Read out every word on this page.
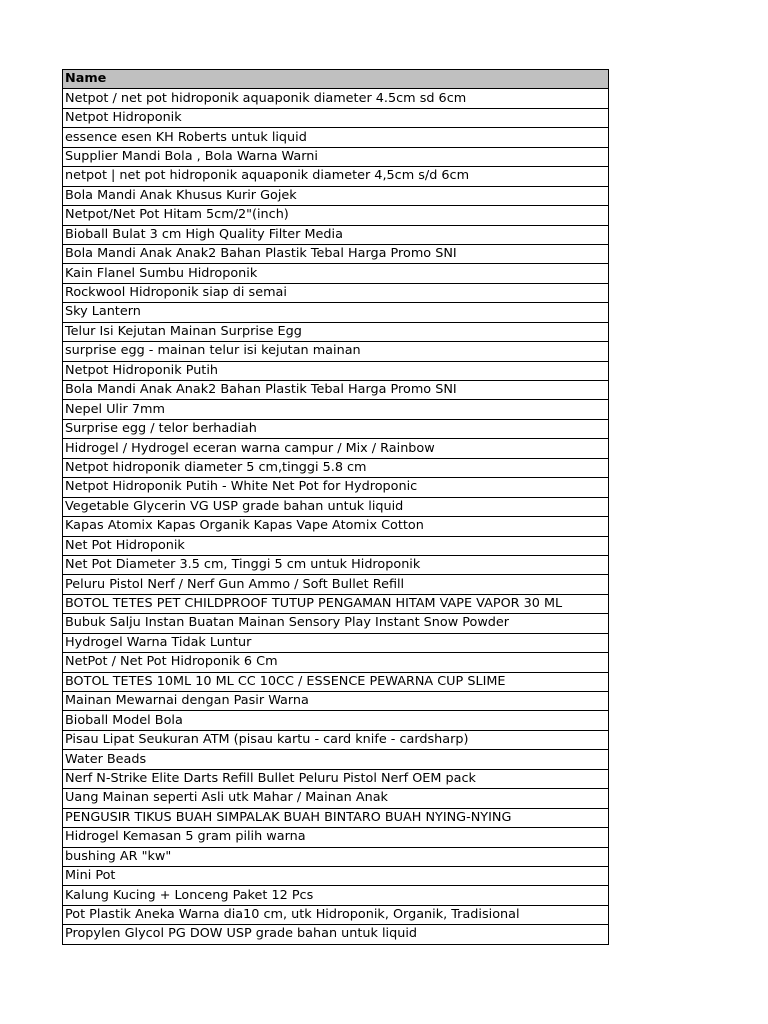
Name
Netpot / net pot hidroponik aquaponik diameter 4.5cm sd 6cm
Netpot Hidroponik
essence esen KH Roberts untuk liquid
Supplier Mandi Bola , Bola Warna Warni
netpot | net pot hidroponik aquaponik diameter 4,5cm s/d 6cm
Bola Mandi Anak Khusus Kurir Gojek
Netpot/Net Pot Hitam 5cm/2"(inch)
Bioball Bulat 3 cm High Quality Filter Media
Bola Mandi Anak Anak2 Bahan Plastik Tebal Harga Promo SNI
Kain Flanel Sumbu Hidroponik
Rockwool Hidroponik siap di semai
Sky Lantern
Telur Isi Kejutan Mainan Surprise Egg
surprise egg - mainan telur isi kejutan mainan
Netpot Hidroponik Putih
Bola Mandi Anak Anak2 Bahan Plastik Tebal Harga Promo SNI
Nepel Ulir 7mm
Surprise egg / telor berhadiah
Hidrogel / Hydrogel eceran warna campur / Mix / Rainbow
Netpot hidroponik diameter 5 cm,tinggi 5.8 cm
Netpot Hidroponik Putih - White Net Pot for Hydroponic
Vegetable Glycerin VG USP grade bahan untuk liquid
Kapas Atomix Kapas Organik Kapas Vape Atomix Cotton
Net Pot Hidroponik
Net Pot Diameter 3.5 cm, Tinggi 5 cm untuk Hidroponik
Peluru Pistol Nerf / Nerf Gun Ammo / Soft Bullet Refill
BOTOL TETES PET CHILDPROOF TUTUP PENGAMAN HITAM VAPE VAPOR 30 ML
Bubuk Salju Instan Buatan Mainan Sensory Play Instant Snow Powder
Hydrogel Warna Tidak Luntur
NetPot / Net Pot Hidroponik 6 Cm
BOTOL TETES 10ML 10 ML CC 10CC / ESSENCE PEWARNA CUP SLIME
Mainan Mewarnai dengan Pasir Warna
Bioball Model Bola
Pisau Lipat Seukuran ATM (pisau kartu - card knife - cardsharp)
Water Beads
Nerf N-Strike Elite Darts Refill Bullet Peluru Pistol Nerf OEM pack
Uang Mainan seperti Asli utk Mahar / Mainan Anak
PENGUSIR TIKUS BUAH SIMPALAK BUAH BINTARO BUAH NYING-NYING
Hidrogel Kemasan 5 gram pilih warna
bushing AR "kw"
Mini Pot
Kalung Kucing + Lonceng Paket 12 Pcs
Pot Plastik Aneka Warna dia10 cm, utk Hidroponik, Organik, Tradisional
Propylen Glycol PG DOW USP grade bahan untuk liquid
